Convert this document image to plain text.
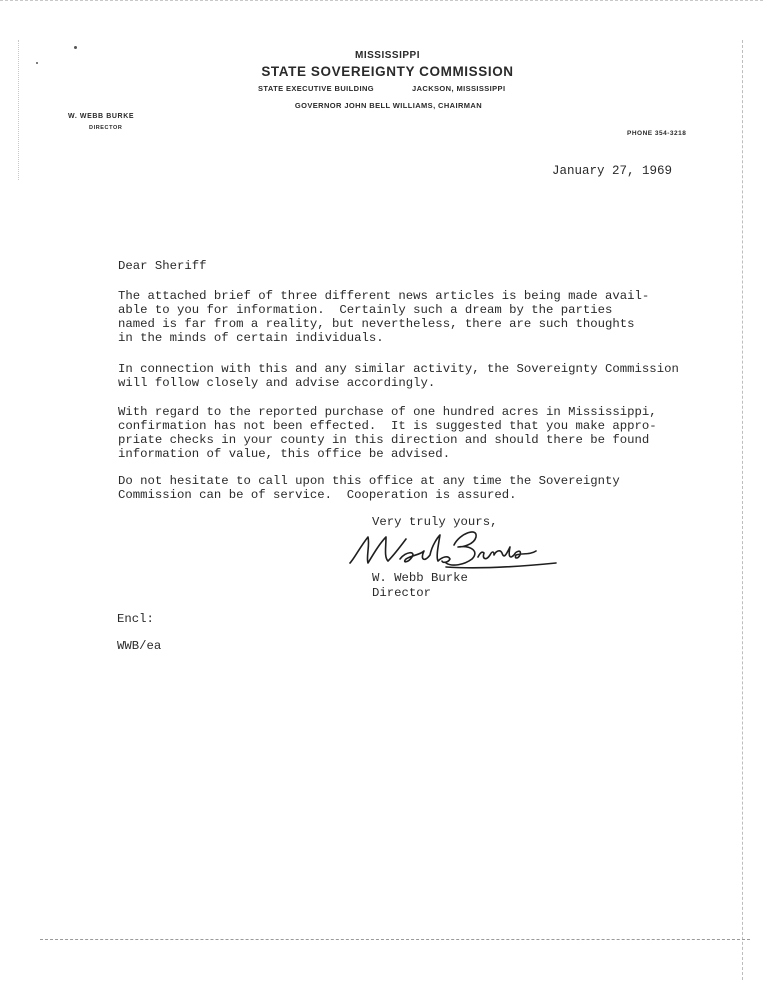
MISSISSIPPI
STATE SOVEREIGNTY COMMISSION
STATE EXECUTIVE BUILDING	JACKSON, MISSISSIPPI
GOVERNOR JOHN BELL WILLIAMS, CHAIRMAN
W. WEBB BURKE
DIRECTOR
PHONE 354-3218
January 27, 1969
Dear Sheriff
The attached brief of three different news articles is being made avail-
able to you for information.  Certainly such a dream by the parties
named is far from a reality, but nevertheless, there are such thoughts
in the minds of certain individuals.
In connection with this and any similar activity, the Sovereignty Commission
will follow closely and advise accordingly.
With regard to the reported purchase of one hundred acres in Mississippi,
confirmation has not been effected.  It is suggested that you make appro-
priate checks in your county in this direction and should there be found
information of value, this office be advised.
Do not hesitate to call upon this office at any time the Sovereignty
Commission can be of service.  Cooperation is assured.
Very truly yours,
W. Webb Burke
Director
Encl:
WWB/ea
